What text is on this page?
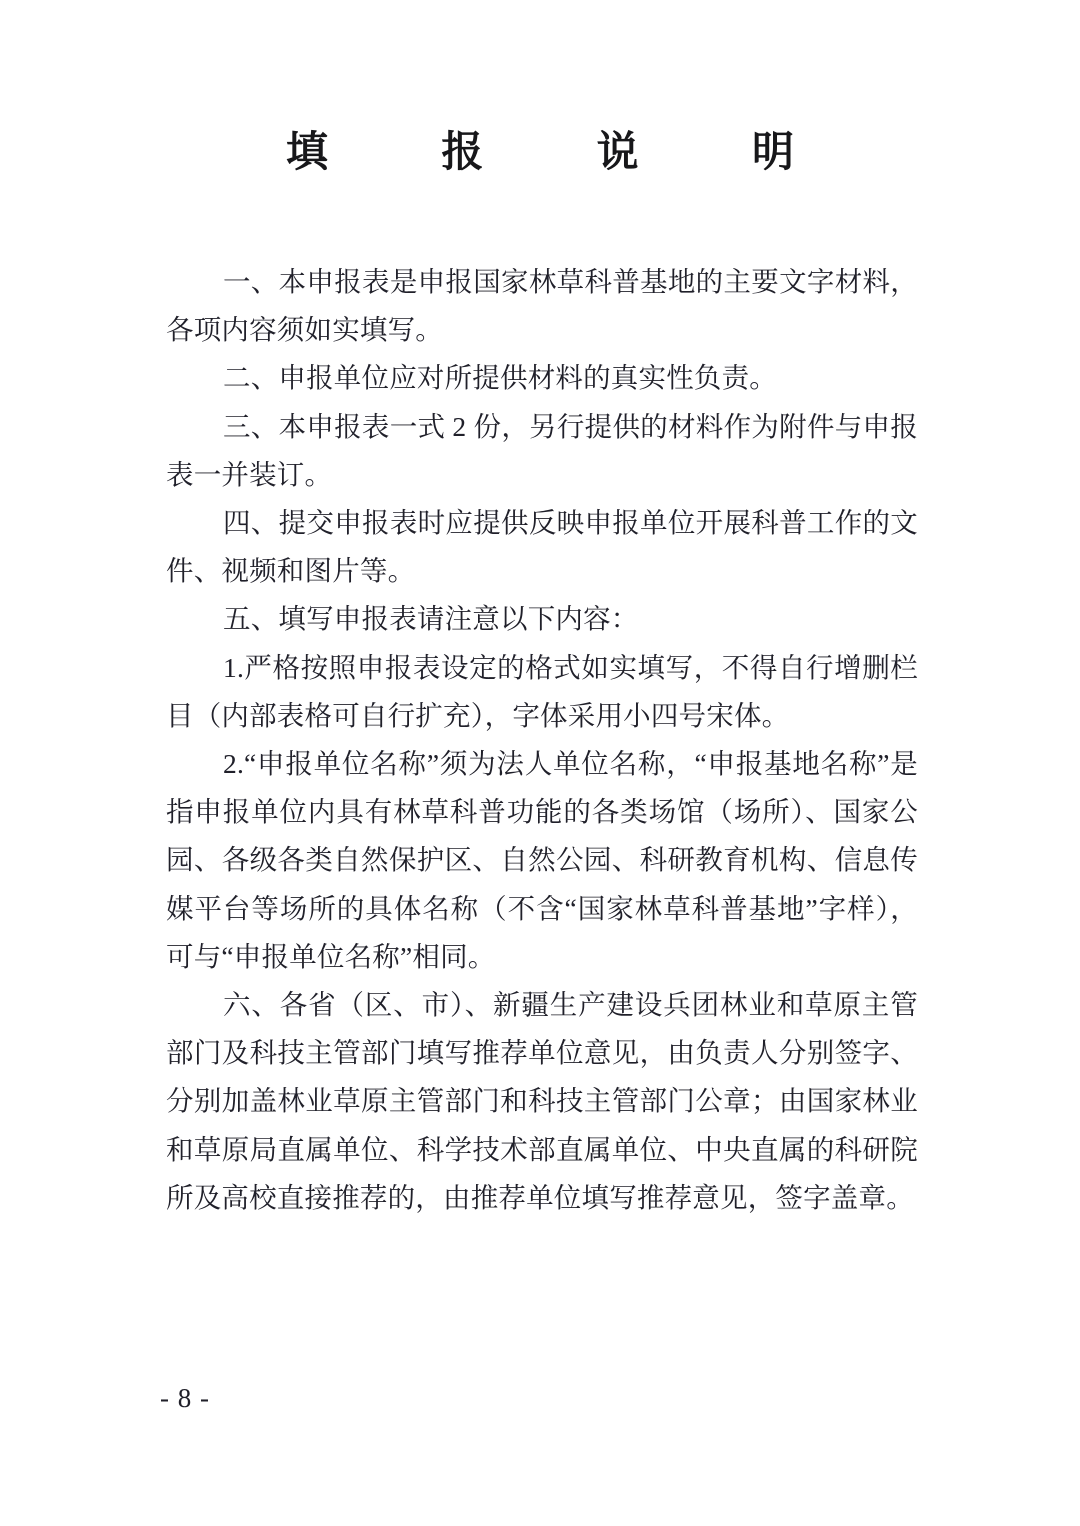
填  报  说  明

一、本申报表是申报国家林草科普基地的主要文字材料，各项内容须如实填写。

二、申报单位应对所提供材料的真实性负责。

三、本申报表一式 2 份，另行提供的材料作为附件与申报表一并装订。

四、提交申报表时应提供反映申报单位开展科普工作的文件、视频和图片等。

五、填写申报表请注意以下内容：

1.严格按照申报表设定的格式如实填写，不得自行增删栏目（内部表格可自行扩充），字体采用小四号宋体。

2.“申报单位名称”须为法人单位名称，“申报基地名称”是指申报单位内具有林草科普功能的各类场馆（场所）、国家公园、各级各类自然保护区、自然公园、科研教育机构、信息传媒平台等场所的具体名称（不含“国家林草科普基地”字样），可与“申报单位名称”相同。

六、各省（区、市）、新疆生产建设兵团林业和草原主管部门及科技主管部门填写推荐单位意见，由负责人分别签字、分别加盖林业草原主管部门和科技主管部门公章；由国家林业和草原局直属单位、科学技术部直属单位、中央直属的科研院所及高校直接推荐的，由推荐单位填写推荐意见，签字盖章。

- 8 -
